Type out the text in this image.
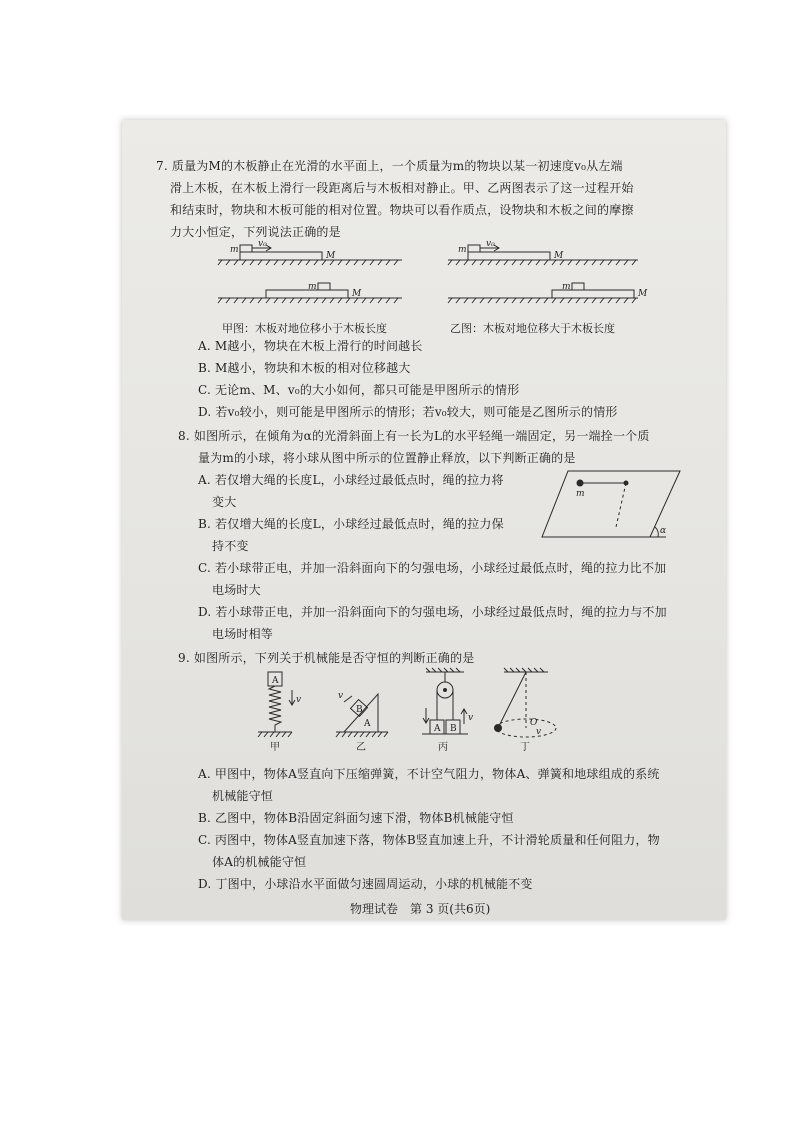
7. 质量为M的木板静止在光滑的水平面上，一个质量为m的物块以某一初速度v₀从左端
滑上木板，在木板上滑行一段距离后与木板相对静止。甲、乙两图表示了这一过程开始
和结束时，物块和木板可能的相对位置。物块可以看作质点，设物块和木板之间的摩擦
力大小恒定，下列说法正确的是
m
v₀
M
m
M
甲图：木板对地位移小于木板长度
m
v₀
M
m
M
乙图：木板对地位移大于木板长度
A. M越小，物块在木板上滑行的时间越长
B. M越小，物块和木板的相对位移越大
C. 无论m、M、v₀的大小如何，都只可能是甲图所示的情形
D. 若v₀较小，则可能是甲图所示的情形；若v₀较大，则可能是乙图所示的情形
8. 如图所示，在倾角为α的光滑斜面上有一长为L的水平轻绳一端固定，另一端拴一个质
量为m的小球，将小球从图中所示的位置静止释放，以下判断正确的是
A. 若仅增大绳的长度L，小球经过最低点时，绳的拉力将
变大
B. 若仅增大绳的长度L，小球经过最低点时，绳的拉力保
持不变
C. 若小球带正电，并加一沿斜面向下的匀强电场，小球经过最低点时，绳的拉力比不加
电场时大
D. 若小球带正电，并加一沿斜面向下的匀强电场，小球经过最低点时，绳的拉力与不加
电场时相等
m
α
9. 如图所示，下列关于机械能是否守恒的判断正确的是
A
v
B
A
v
A B
v	O
v
甲	乙	丙	丁
A. 甲图中，物体A竖直向下压缩弹簧，不计空气阻力，物体A、弹簧和地球组成的系统
机械能守恒
B. 乙图中，物体B沿固定斜面匀速下滑，物体B机械能守恒
C. 丙图中，物体A竖直加速下落，物体B竖直加速上升，不计滑轮质量和任何阻力，物
体A的机械能守恒
D. 丁图中，小球沿水平面做匀速圆周运动，小球的机械能不变
物理试卷　第 3 页(共6页)
